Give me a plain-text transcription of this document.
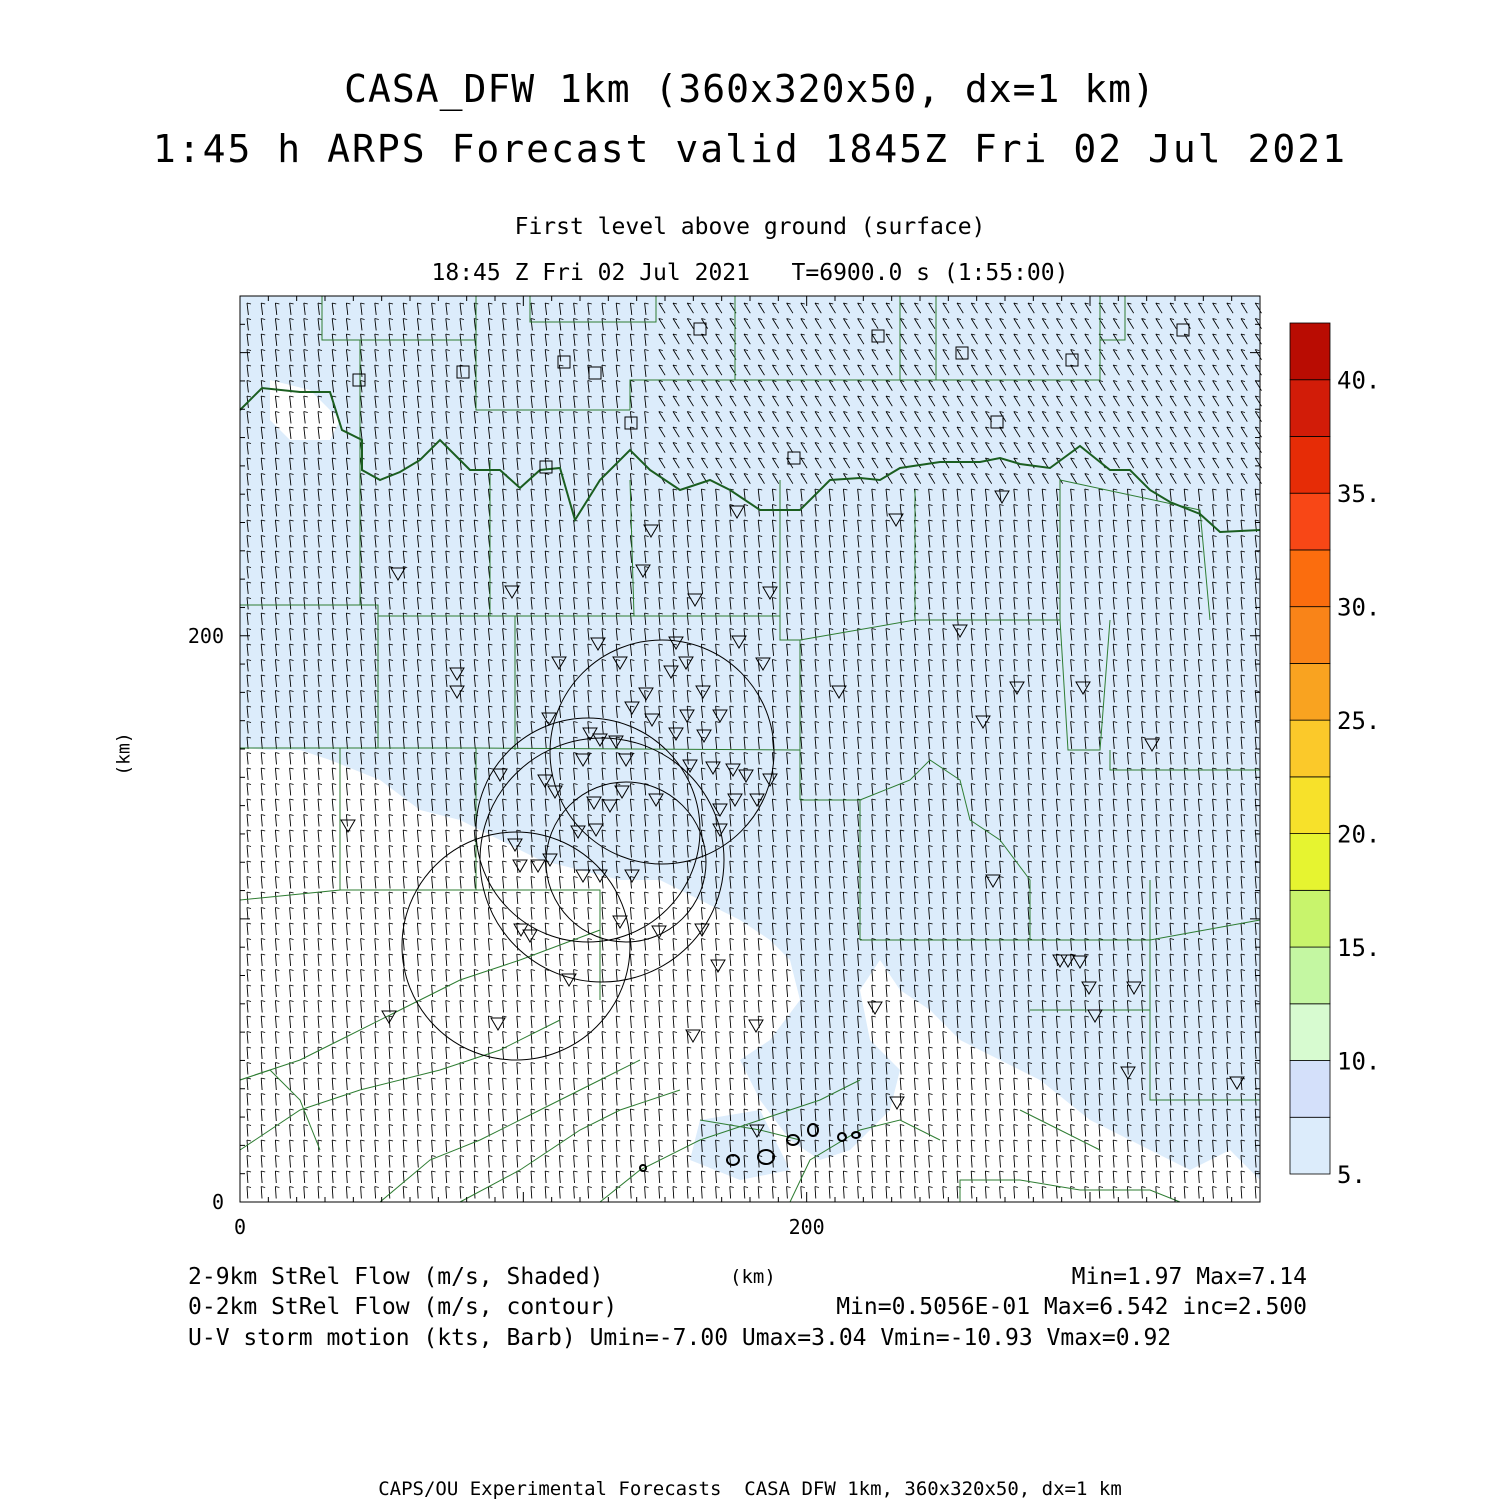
CASA_DFW 1km (360x320x50, dx=1 km)
1:45 h ARPS Forecast valid 1845Z Fri 02 Jul 2021
First level above ground (surface)
18:45 Z Fri 02 Jul 2021   T=6900.0 s (1:55:00)
(km)
0	200
0
200
5.
10.
15.
20.
25.
30.
35.
40.
2-9km StRel Flow (m/s, Shaded)	(km)	Min=1.97 Max=7.14
0-2km StRel Flow (m/s, contour)	Min=0.5056E-01 Max=6.542 inc=2.500
U-V storm motion (kts, Barb) Umin=-7.00 Umax=3.04 Vmin=-10.93 Vmax=0.92
CAPS/OU Experimental Forecasts  CASA DFW 1km, 360x320x50, dx=1 km
